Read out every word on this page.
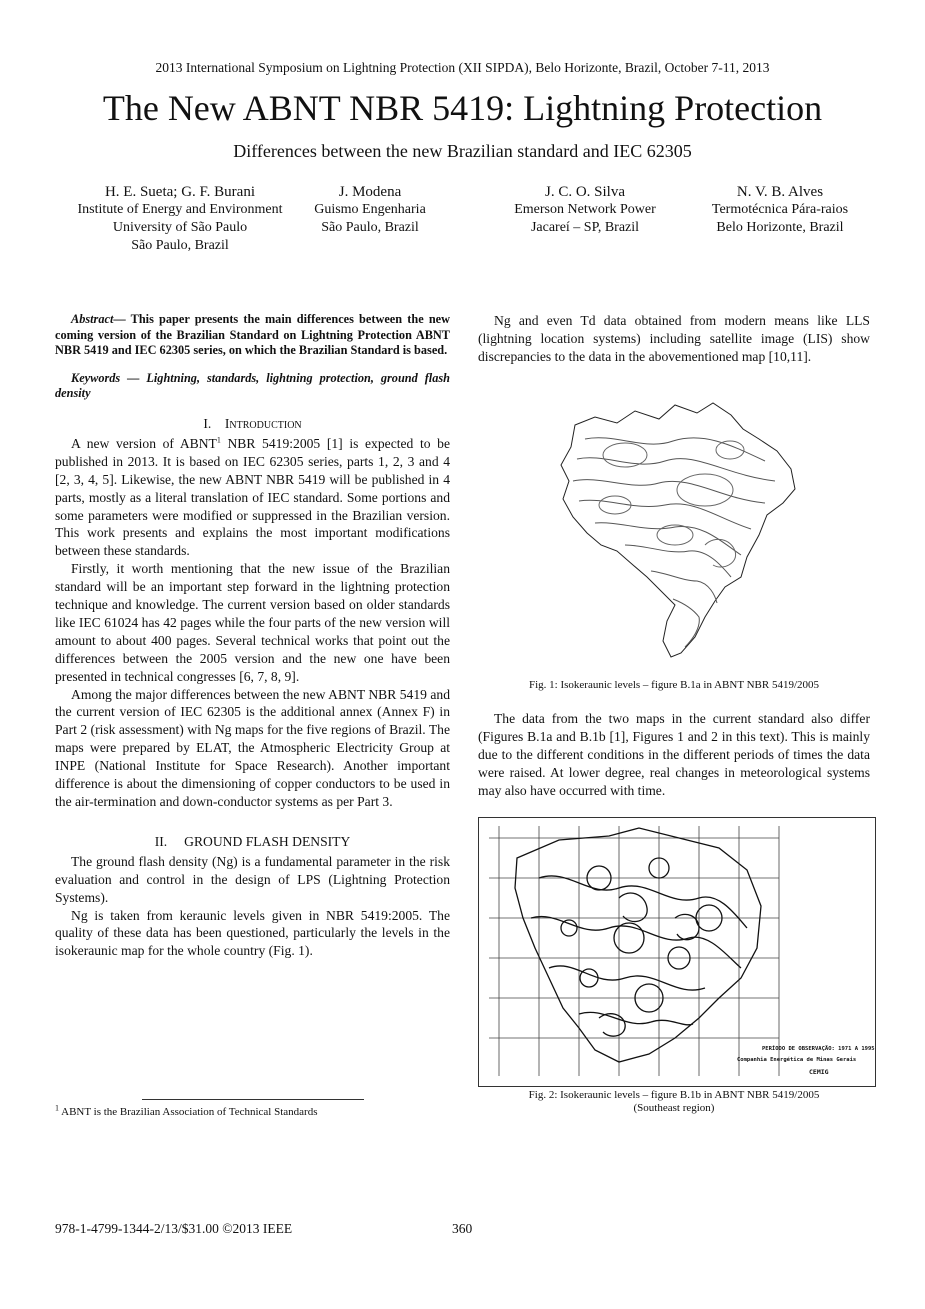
2013 International Symposium on Lightning Protection (XII SIPDA), Belo Horizonte, Brazil, October 7-11, 2013
The New ABNT NBR 5419: Lightning Protection
Differences between the new Brazilian standard and IEC 62305
H. E. Sueta; G. F. Burani
Institute of Energy and Environment
University of São Paulo
São Paulo, Brazil
J. Modena
Guismo Engenharia
São Paulo, Brazil
J. C. O. Silva
Emerson Network Power
Jacareí – SP, Brazil
N. V. B. Alves
Termotécnica Pára-raios
Belo Horizonte, Brazil
Abstract— This paper presents the main differences between the new coming version of the Brazilian Standard on Lightning Protection ABNT NBR 5419 and IEC 62305 series, on which the Brazilian Standard is based.
Keywords — Lightning, standards, lightning protection, ground flash density
I. Introduction

A new version of ABNT$^1$ NBR 5419:2005 [1] is expected to be published in 2013. It is based on IEC 62305 series, parts 1, 2, 3 and 4 [2, 3, 4, 5]. Likewise, the new ABNT NBR 5419 will be published in 4 parts, mostly as a literal translation of IEC standard. Some portions and some parameters were modified or suppressed in the Brazilian version. This work presents and explains the most important modifications between these standards.

Firstly, it worth mentioning that the new issue of the Brazilian standard will be an important step forward in the lightning protection technique and knowledge. The current version based on older standards like IEC 61024 has 42 pages while the four parts of the new version will amount to about 400 pages. Several technical works that point out the differences between the 2005 version and the new one have been presented in technical congresses [6, 7, 8, 9].

Among the major differences between the new ABNT NBR 5419 and the current version of IEC 62305 is the additional annex (Annex F) in Part 2 (risk assessment) with Ng maps for the five regions of Brazil. The maps were prepared by ELAT, the Atmospheric Electricity Group at INPE (National Institute for Space Research). Another important difference is about the dimensioning of copper conductors to be used in the air-termination and down-conductor systems as per Part 3.

II. GROUND FLASH DENSITY

The ground flash density (Ng) is a fundamental parameter in the risk evaluation and control in the design of LPS (Lightning Protection Systems).

Ng is taken from keraunic levels given in NBR 5419:2005. The quality of these data has been questioned, particularly the levels in the isokeraunic map for the whole country (Fig. 1).

$^1$ ABNT is the Brazilian Association of Technical Standards

Ng and even Td data obtained from modern means like LLS (lightning location systems) including satellite image (LIS) show discrepancies to the data in the abovementioned map [10,11].

Fig. 1: Isokeraunic levels – figure B.1a in ABNT NBR 5419/2005

The data from the two maps in the current standard also differ (Figures B.1a and B.1b [1], Figures 1 and 2 in this text). This is mainly due to the different conditions in the different periods of times the data were raised. At lower degree, real changes in meteorological systems may also have occurred with time.

PERÍODO DE OBSERVAÇÃO: 1971 A 1995
Companhia Energética de Minas Gerais
CEMIG
Fig. 2: Isokeraunic levels – figure B.1b in ABNT NBR 5419/2005
(Southeast region)
978-1-4799-1344-2/13/$31.00 ©2013 IEEE	360
